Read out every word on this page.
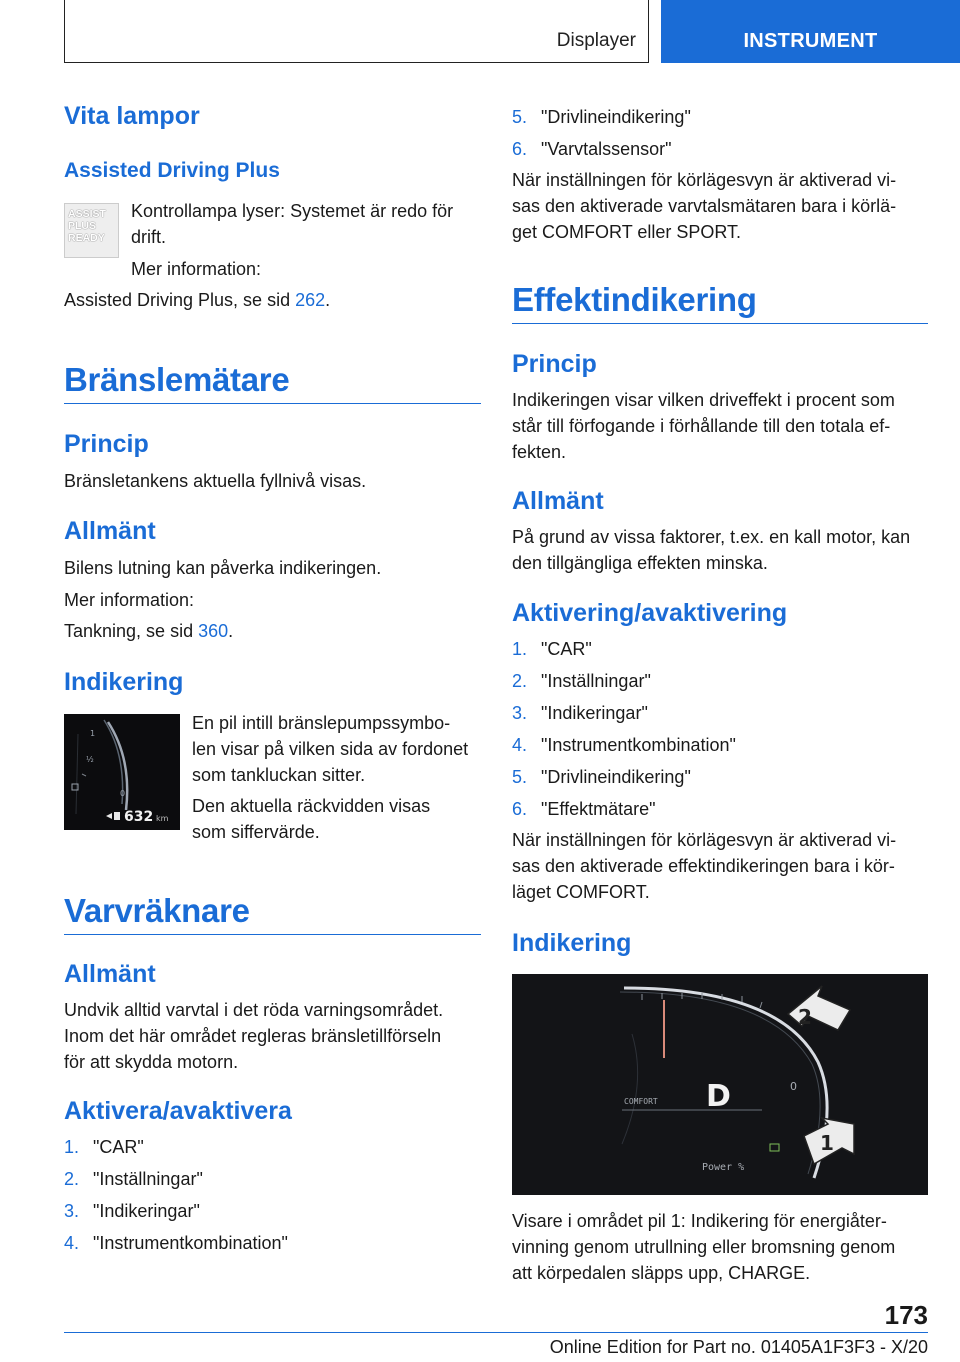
Displayer	INSTRUMENT
Vita lampor
Assisted Driving Plus
ASSIST
PLUS
READY

Kontrollampa lyser: Systemet är redo för

drift.

Mer information:

Assisted Driving Plus, se sid 262.

Bränslemätare
Princip

Bränsletankens aktuella fyllnivå visas.

Allmänt

Bilens lutning kan påverka indikeringen.

Mer information:

Tankning, se sid 360.

Indikering
1
½
0
632 km

En pil intill bränslepumpssymbo-

len visar på vilken sida av fordonet

som tankluckan sitter.

Den aktuella räckvidden visas

som siffervärde.

Varvräknare
Allmänt

Undvik alltid varvtal i det röda varningsområdet.

Inom det här området regleras bränsletillförseln

för att skydda motorn.

Aktivera/avaktivera
1. "CAR"
2. "Inställningar"
3. "Indikeringar"
4. "Instrumentkombination"
5. "Drivlineindikering"
6. "Varvtalssensor"

När inställningen för körlägesvyn är aktiverad vi-

sas den aktiverade varvtalsmätaren bara i körlä-

get COMFORT eller SPORT.

Effektindikering
Princip

Indikeringen visar vilken driveffekt i procent som

står till förfogande i förhållande till den totala ef-

fekten.

Allmänt

På grund av vissa faktorer, t.ex. en kall motor, kan

den tillgängliga effekten minska.

Aktivering/avaktivering
1. "CAR"
2. "Inställningar"
3. "Indikeringar"
4. "Instrumentkombination"
5. "Drivlineindikering"
6. "Effektmätare"

När inställningen för körlägesvyn är aktiverad vi-

sas den aktiverade effektindikeringen bara i kör-

läget COMFORT.

Indikering
COMFORT D	0
Power %
2
1

Visare i området pil 1: Indikering för energiåter-

vinning genom utrullning eller bromsning genom

att körpedalen släpps upp, CHARGE.

173
Online Edition for Part no. 01405A1F3F3 - X/20
